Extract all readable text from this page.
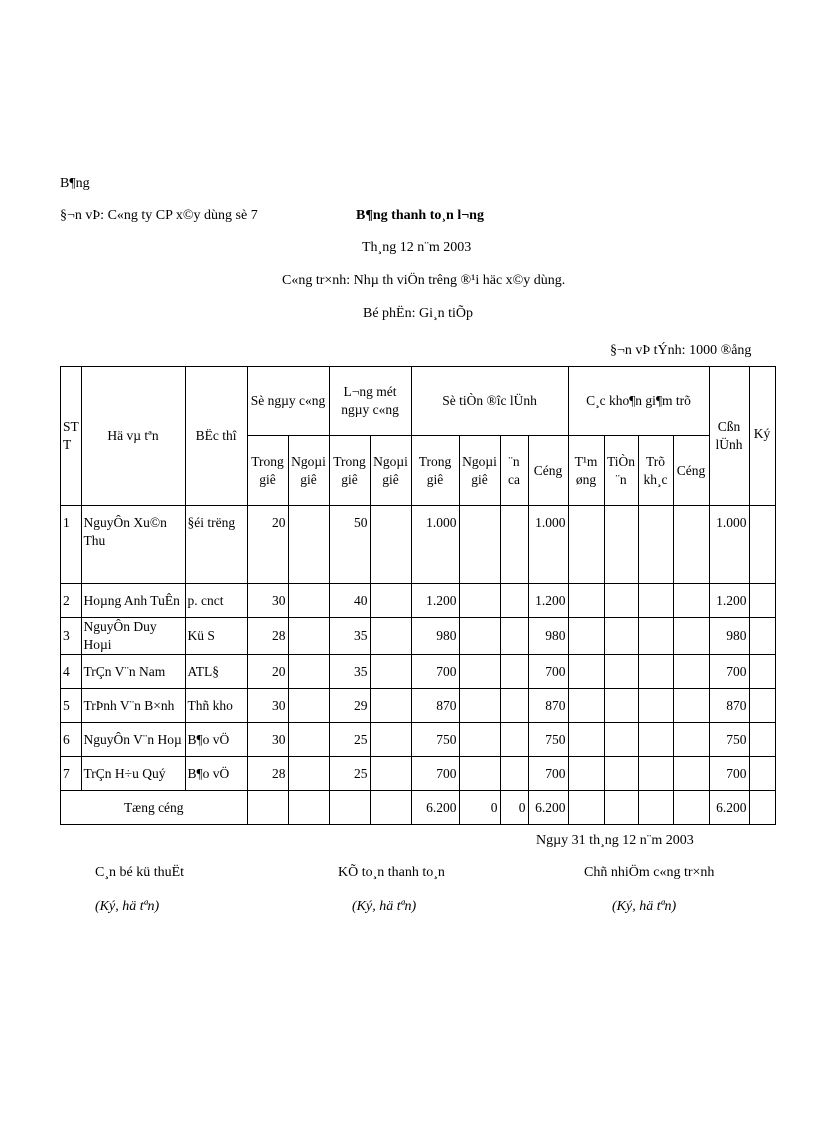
B¶ng
§¬n vÞ: C«ng ty CP x©y dùng sè 7	B¶ng thanh to¸n l¬ng
Th¸ng 12 n¨m 2003
C«ng tr×nh: Nhµ th viÖn trêng ®¹i häc x©y dùng.
Bé phËn: Gi¸n tiÕp
§¬n vÞ tÝnh: 1000 ®ång
ST T	Hä vµ tªn	BËc thî	Sè ngµy c«ng		L¬ng mét ngµy c«ng		Sè tiÒn ®îc lÜnh				C¸c kho¶n gi¶m trõ				Cßn lÜnh	Ký
			Trong giê	Ngoµi giê	Trong giê	Ngoµi giê	Trong giê	Ngoµi giê	¨n ca	Céng	T¹m øng	TiÒn ¨n	Trõ kh¸c	Céng		
1	NguyÔn Xu©n Thu	§éi trëng	20		50		1.000			1.000					1.000	
2	Hoµng Anh TuÊn	p. cnct	30		40		1.200			1.200					1.200	
3	NguyÔn Duy Hoµi	Kü S	28		35		980			980					980	
4	TrÇn V¨n Nam	ATL§	20		35		700			700					700	
5	TrÞnh V¨n B×nh	Thñ kho	30		29		870			870					870	
6	NguyÔn V¨n Hoµ	B¶o vÖ	30		25		750			750					750	
7	TrÇn H÷u Quý	B¶o vÖ	28		25		700			700					700	
Tæng céng							6.200	0	0	6.200					6.200	
Ngµy 31 th¸ng 12 n¨m 2003
C¸n bé kü thuËt
(Ký, hä tªn)
KÕ to¸n thanh to¸n
(Ký, hä tªn)
Chñ nhiÖm c«ng tr×nh
(Ký, hä tªn)
